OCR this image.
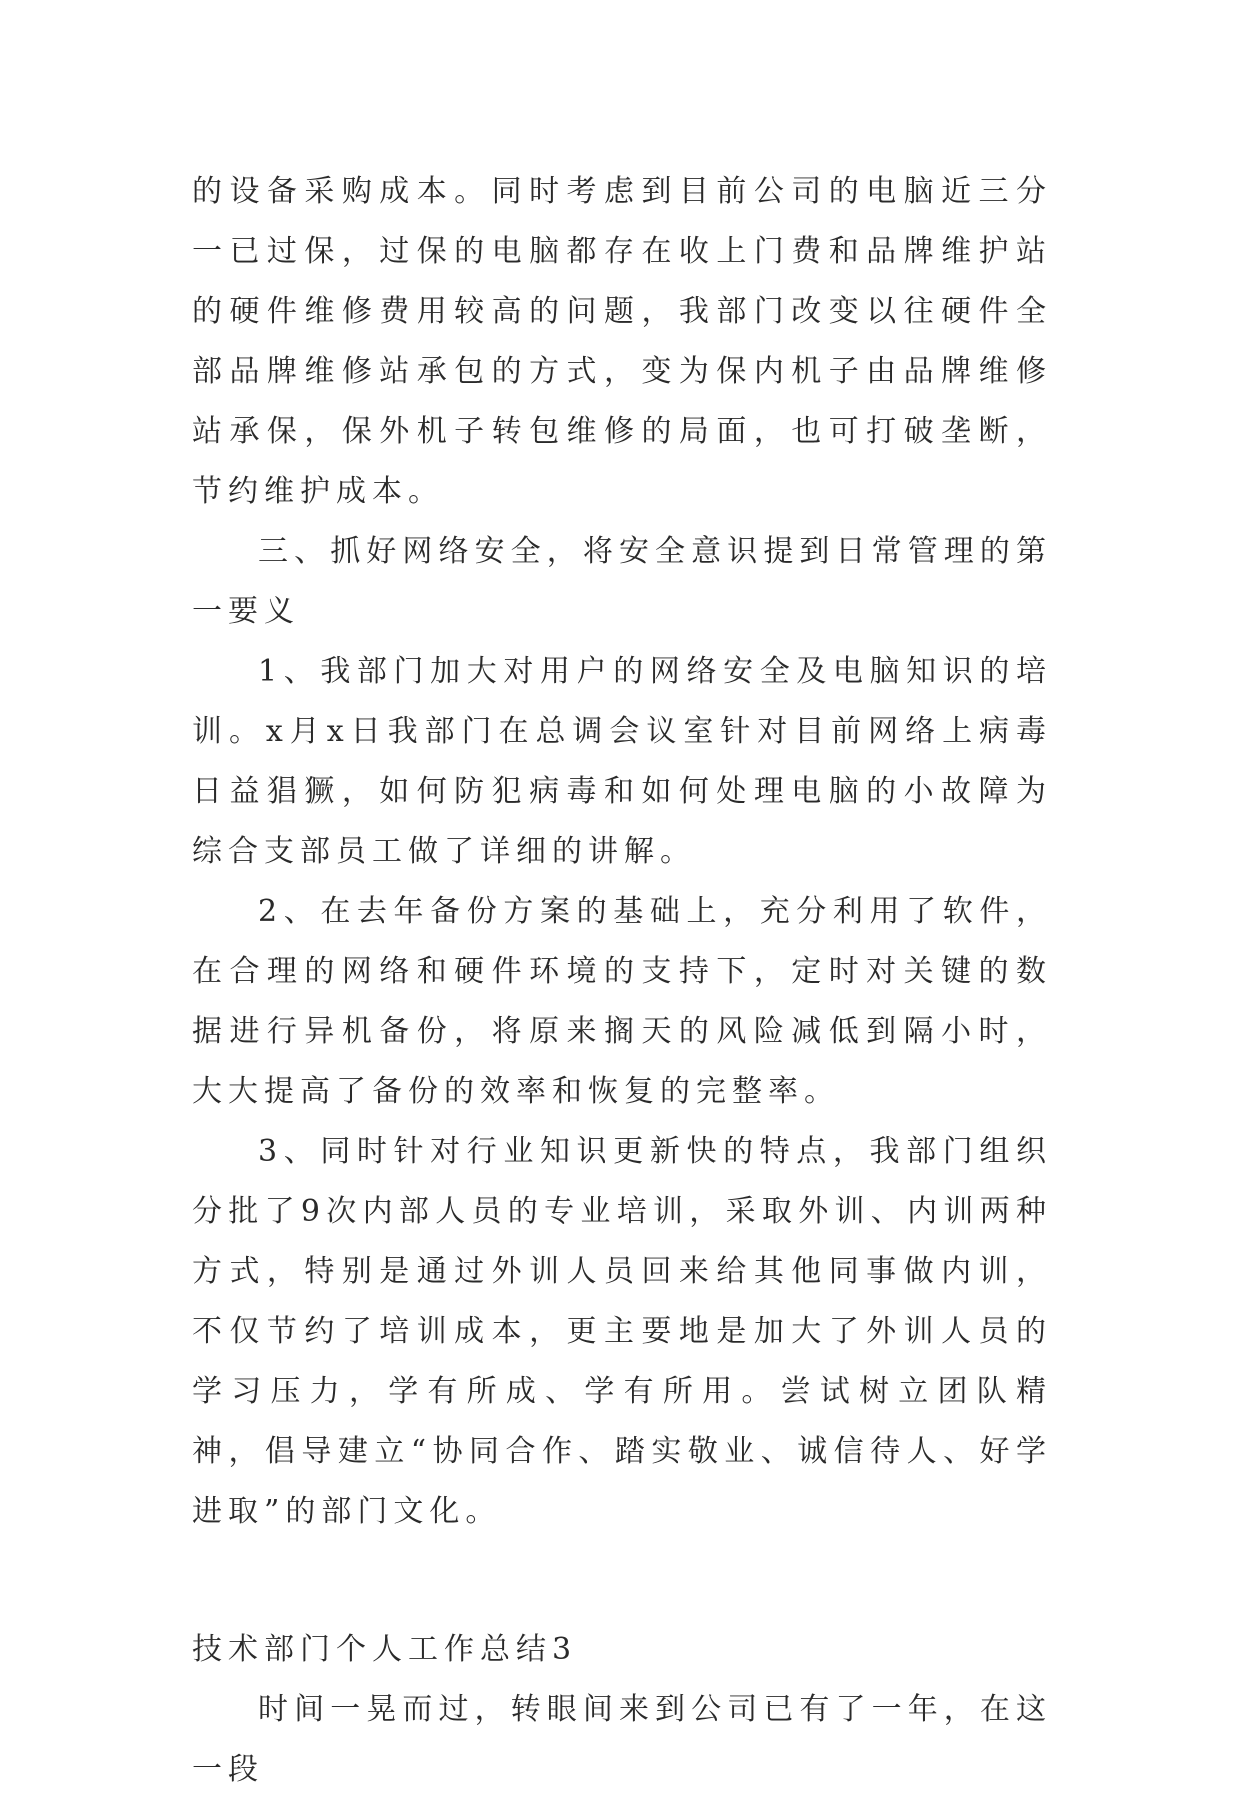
的设备采购成本。同时考虑到目前公司的电脑近三分一已过保，过保的电脑都存在收上门费和品牌维护站的硬件维修费用较高的问题，我部门改变以往硬件全部品牌维修站承包的方式，变为保内机子由品牌维修站承保，保外机子转包维修的局面，也可打破垄断，节约维护成本。

三、抓好网络安全，将安全意识提到日常管理的第一要义

1、我部门加大对用户的网络安全及电脑知识的培训。x月x日我部门在总调会议室针对目前网络上病毒日益猖獗，如何防犯病毒和如何处理电脑的小故障为综合支部员工做了详细的讲解。

2、在去年备份方案的基础上，充分利用了软件，在合理的网络和硬件环境的支持下，定时对关键的数据进行异机备份，将原来搁天的风险减低到隔小时，大大提高了备份的效率和恢复的完整率。

3、同时针对行业知识更新快的特点，我部门组织分批了9次内部人员的专业培训，采取外训、内训两种方式，特别是通过外训人员回来给其他同事做内训，不仅节约了培训成本，更主要地是加大了外训人员的学习压力，学有所成、学有所用。尝试树立团队精神，倡导建立“协同合作、踏实敬业、诚信待人、好学进取”的部门文化。

技术部门个人工作总结3

时间一晃而过，转眼间来到公司已有了一年，在这一段
